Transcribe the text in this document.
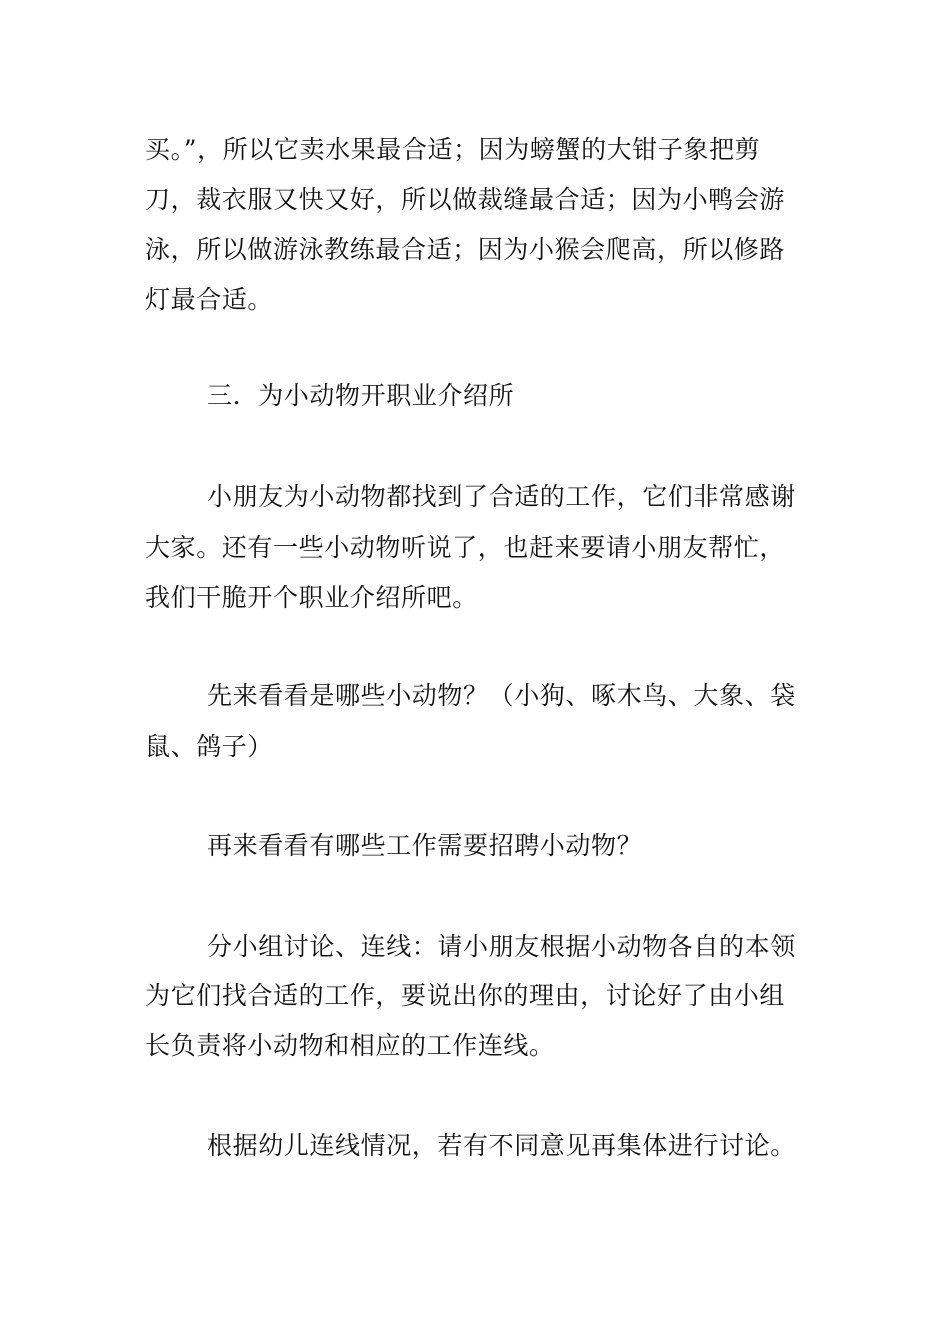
买。”，所以它卖水果最合适；因为螃蟹的大钳子象把剪
刀，裁衣服又快又好，所以做裁缝最合适；因为小鸭会游
泳，所以做游泳教练最合适；因为小猴会爬高，所以修路
灯最合适。
三．为小动物开职业介绍所
小朋友为小动物都找到了合适的工作，它们非常感谢
大家。还有一些小动物听说了，也赶来要请小朋友帮忙，
我们干脆开个职业介绍所吧。
先来看看是哪些小动物？（小狗、啄木鸟、大象、袋
鼠、鸽子）
再来看看有哪些工作需要招聘小动物？
分小组讨论、连线：请小朋友根据小动物各自的本领
为它们找合适的工作，要说出你的理由，讨论好了由小组
长负责将小动物和相应的工作连线。
根据幼儿连线情况，若有不同意见再集体进行讨论。
